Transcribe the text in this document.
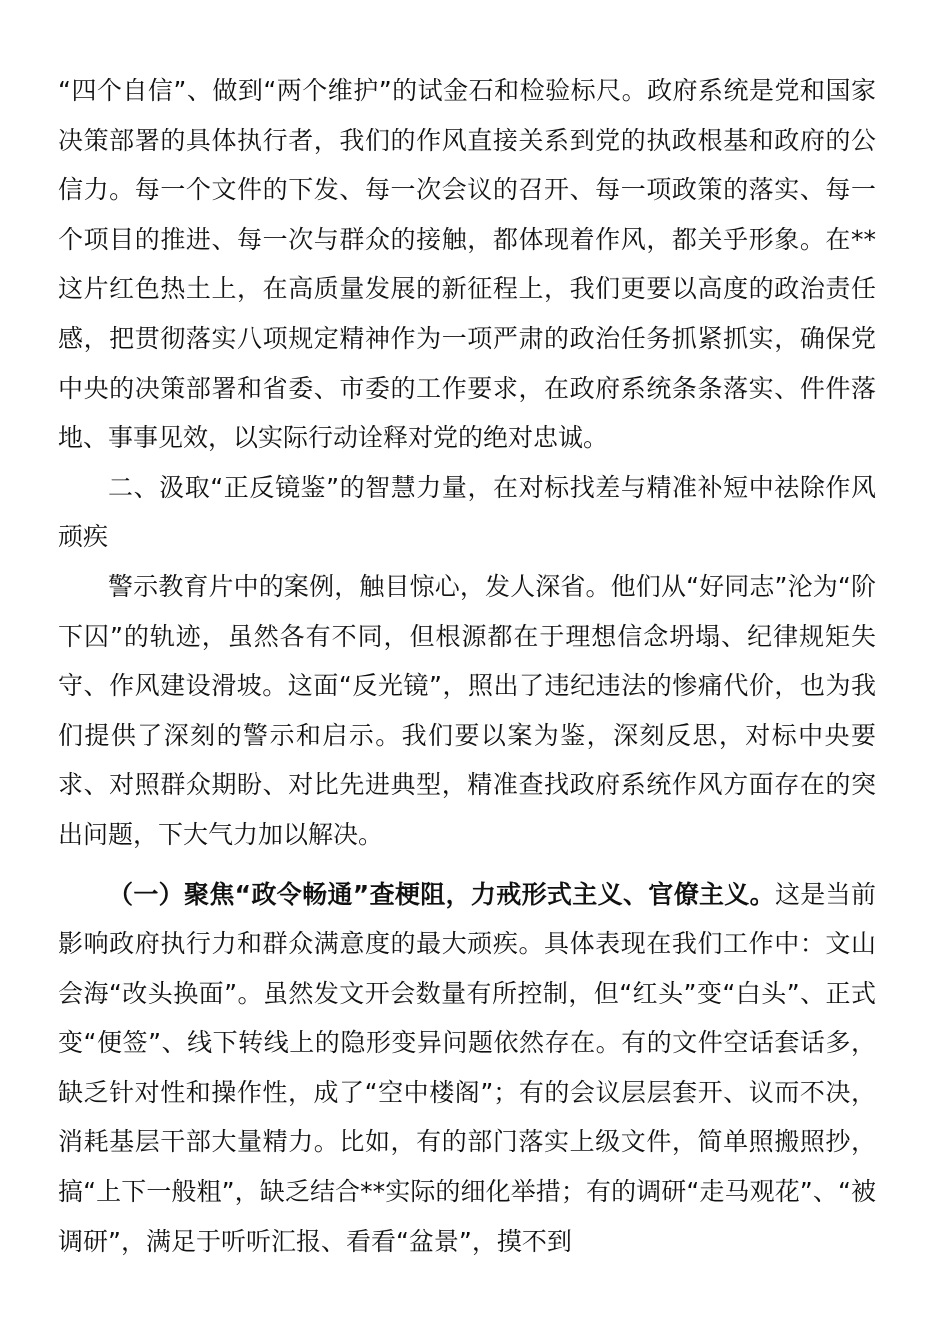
“四个自信”、做到“两个维护”的试金石和检验标尺。政府系统是党和国家决策部署的具体执行者，我们的作风直接关系到党的执政根基和政府的公信力。每一个文件的下发、每一次会议的召开、每一项政策的落实、每一个项目的推进、每一次与群众的接触，都体现着作风，都关乎形象。在**这片红色热土上，在高质量发展的新征程上，我们更要以高度的政治责任感，把贯彻落实八项规定精神作为一项严肃的政治任务抓紧抓实，确保党中央的决策部署和省委、市委的工作要求，在政府系统条条落实、件件落地、事事见效，以实际行动诠释对党的绝对忠诚。

二、汲取“正反镜鉴”的智慧力量，在对标找差与精准补短中祛除作风顽疾

警示教育片中的案例，触目惊心，发人深省。他们从“好同志”沦为“阶下囚”的轨迹，虽然各有不同，但根源都在于理想信念坍塌、纪律规矩失守、作风建设滑坡。这面“反光镜”，照出了违纪违法的惨痛代价，也为我们提供了深刻的警示和启示。我们要以案为鉴，深刻反思，对标中央要求、对照群众期盼、对比先进典型，精准查找政府系统作风方面存在的突出问题，下大气力加以解决。

（一）聚焦“政令畅通”查梗阻，力戒形式主义、官僚主义。这是当前影响政府执行力和群众满意度的最大顽疾。具体表现在我们工作中：文山会海“改头换面”。虽然发文开会数量有所控制，但“红头”变“白头”、正式变“便签”、线下转线上的隐形变异问题依然存在。有的文件空话套话多，缺乏针对性和操作性，成了“空中楼阁”；有的会议层层套开、议而不决，消耗基层干部大量精力。比如，有的部门落实上级文件，简单照搬照抄，搞“上下一般粗”，缺乏结合**实际的细化举措；有的调研“走马观花”、“被调研”，满足于听听汇报、看看“盆景”，摸不到
